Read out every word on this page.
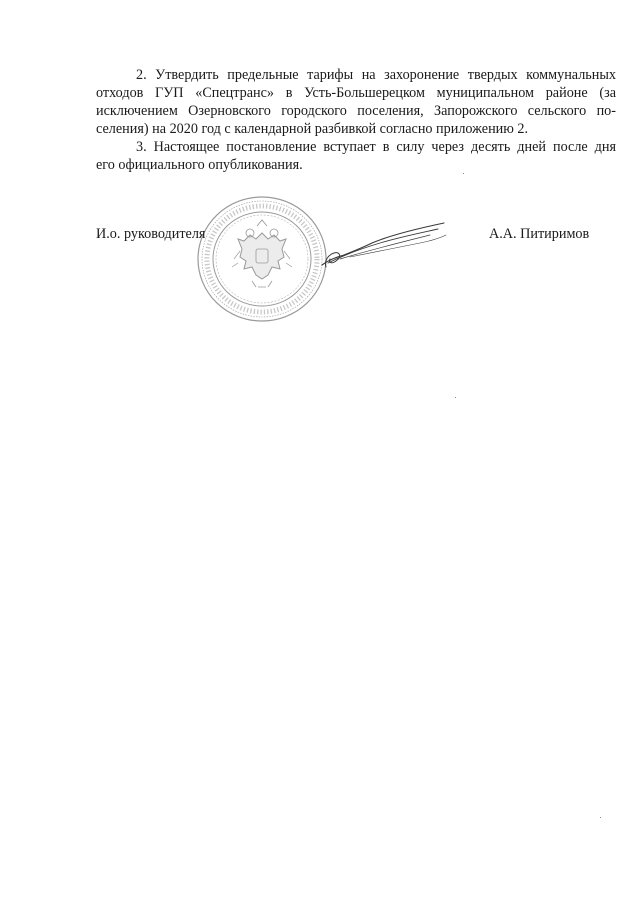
2. Утвердить предельные тарифы на захоронение твердых коммунальных
отходов ГУП «Спецтранс» в Усть-Большерецком муниципальном районе (за
исключением Озерновского городского поселения, Запорожского сельского по-
селения) на 2020 год с календарной разбивкой согласно приложению 2.

3. Настоящее постановление вступает в силу через десять дней после дня
его официального опубликования.

И.о. руководителя	А.А. Питиримов
